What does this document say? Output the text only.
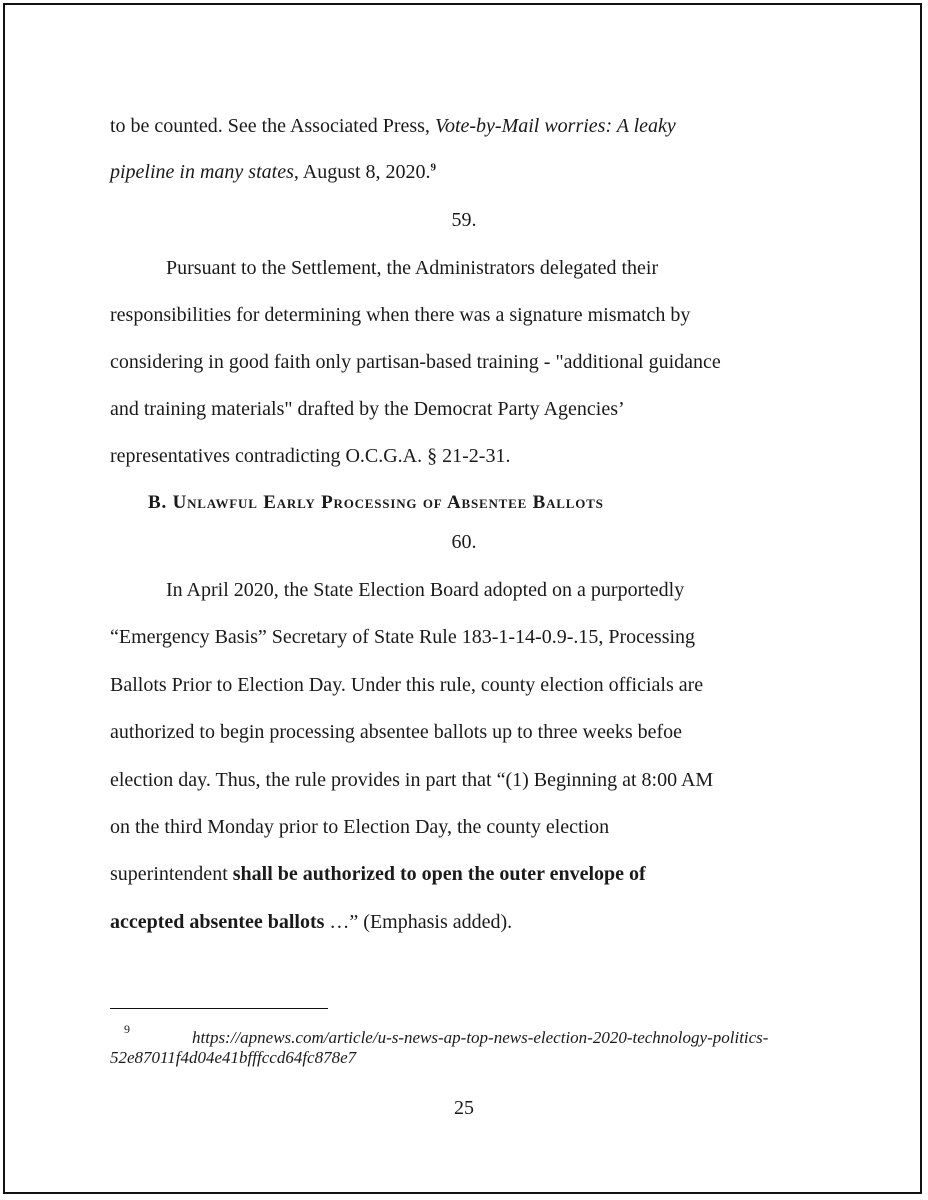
to be counted. See the Associated Press, Vote-by-Mail worries: A leaky
pipeline in many states, August 8, 2020.$^9$
59.
Pursuant to the Settlement, the Administrators delegated their
responsibilities for determining when there was a signature mismatch by
considering in good faith only partisan-based training - "additional guidance
and training materials" drafted by the Democrat Party Agencies’
representatives contradicting O.C.G.A. § 21-2-31.
B. Unlawful Early Processing of Absentee Ballots
60.
In April 2020, the State Election Board adopted on a purportedly
“Emergency Basis” Secretary of State Rule 183-1-14-0.9-.15, Processing
Ballots Prior to Election Day. Under this rule, county election officials are
authorized to begin processing absentee ballots up to three weeks befoe
election day. Thus, the rule provides in part that “(1) Beginning at 8:00 AM
on the third Monday prior to Election Day, the county election
superintendent shall be authorized to open the outer envelope of
accepted absentee ballots …” (Emphasis added).
9	https://apnews.com/article/u-s-news-ap-top-news-election-2020-technology-politics-
52e87011f4d04e41bfffccd64fc878e7
25
